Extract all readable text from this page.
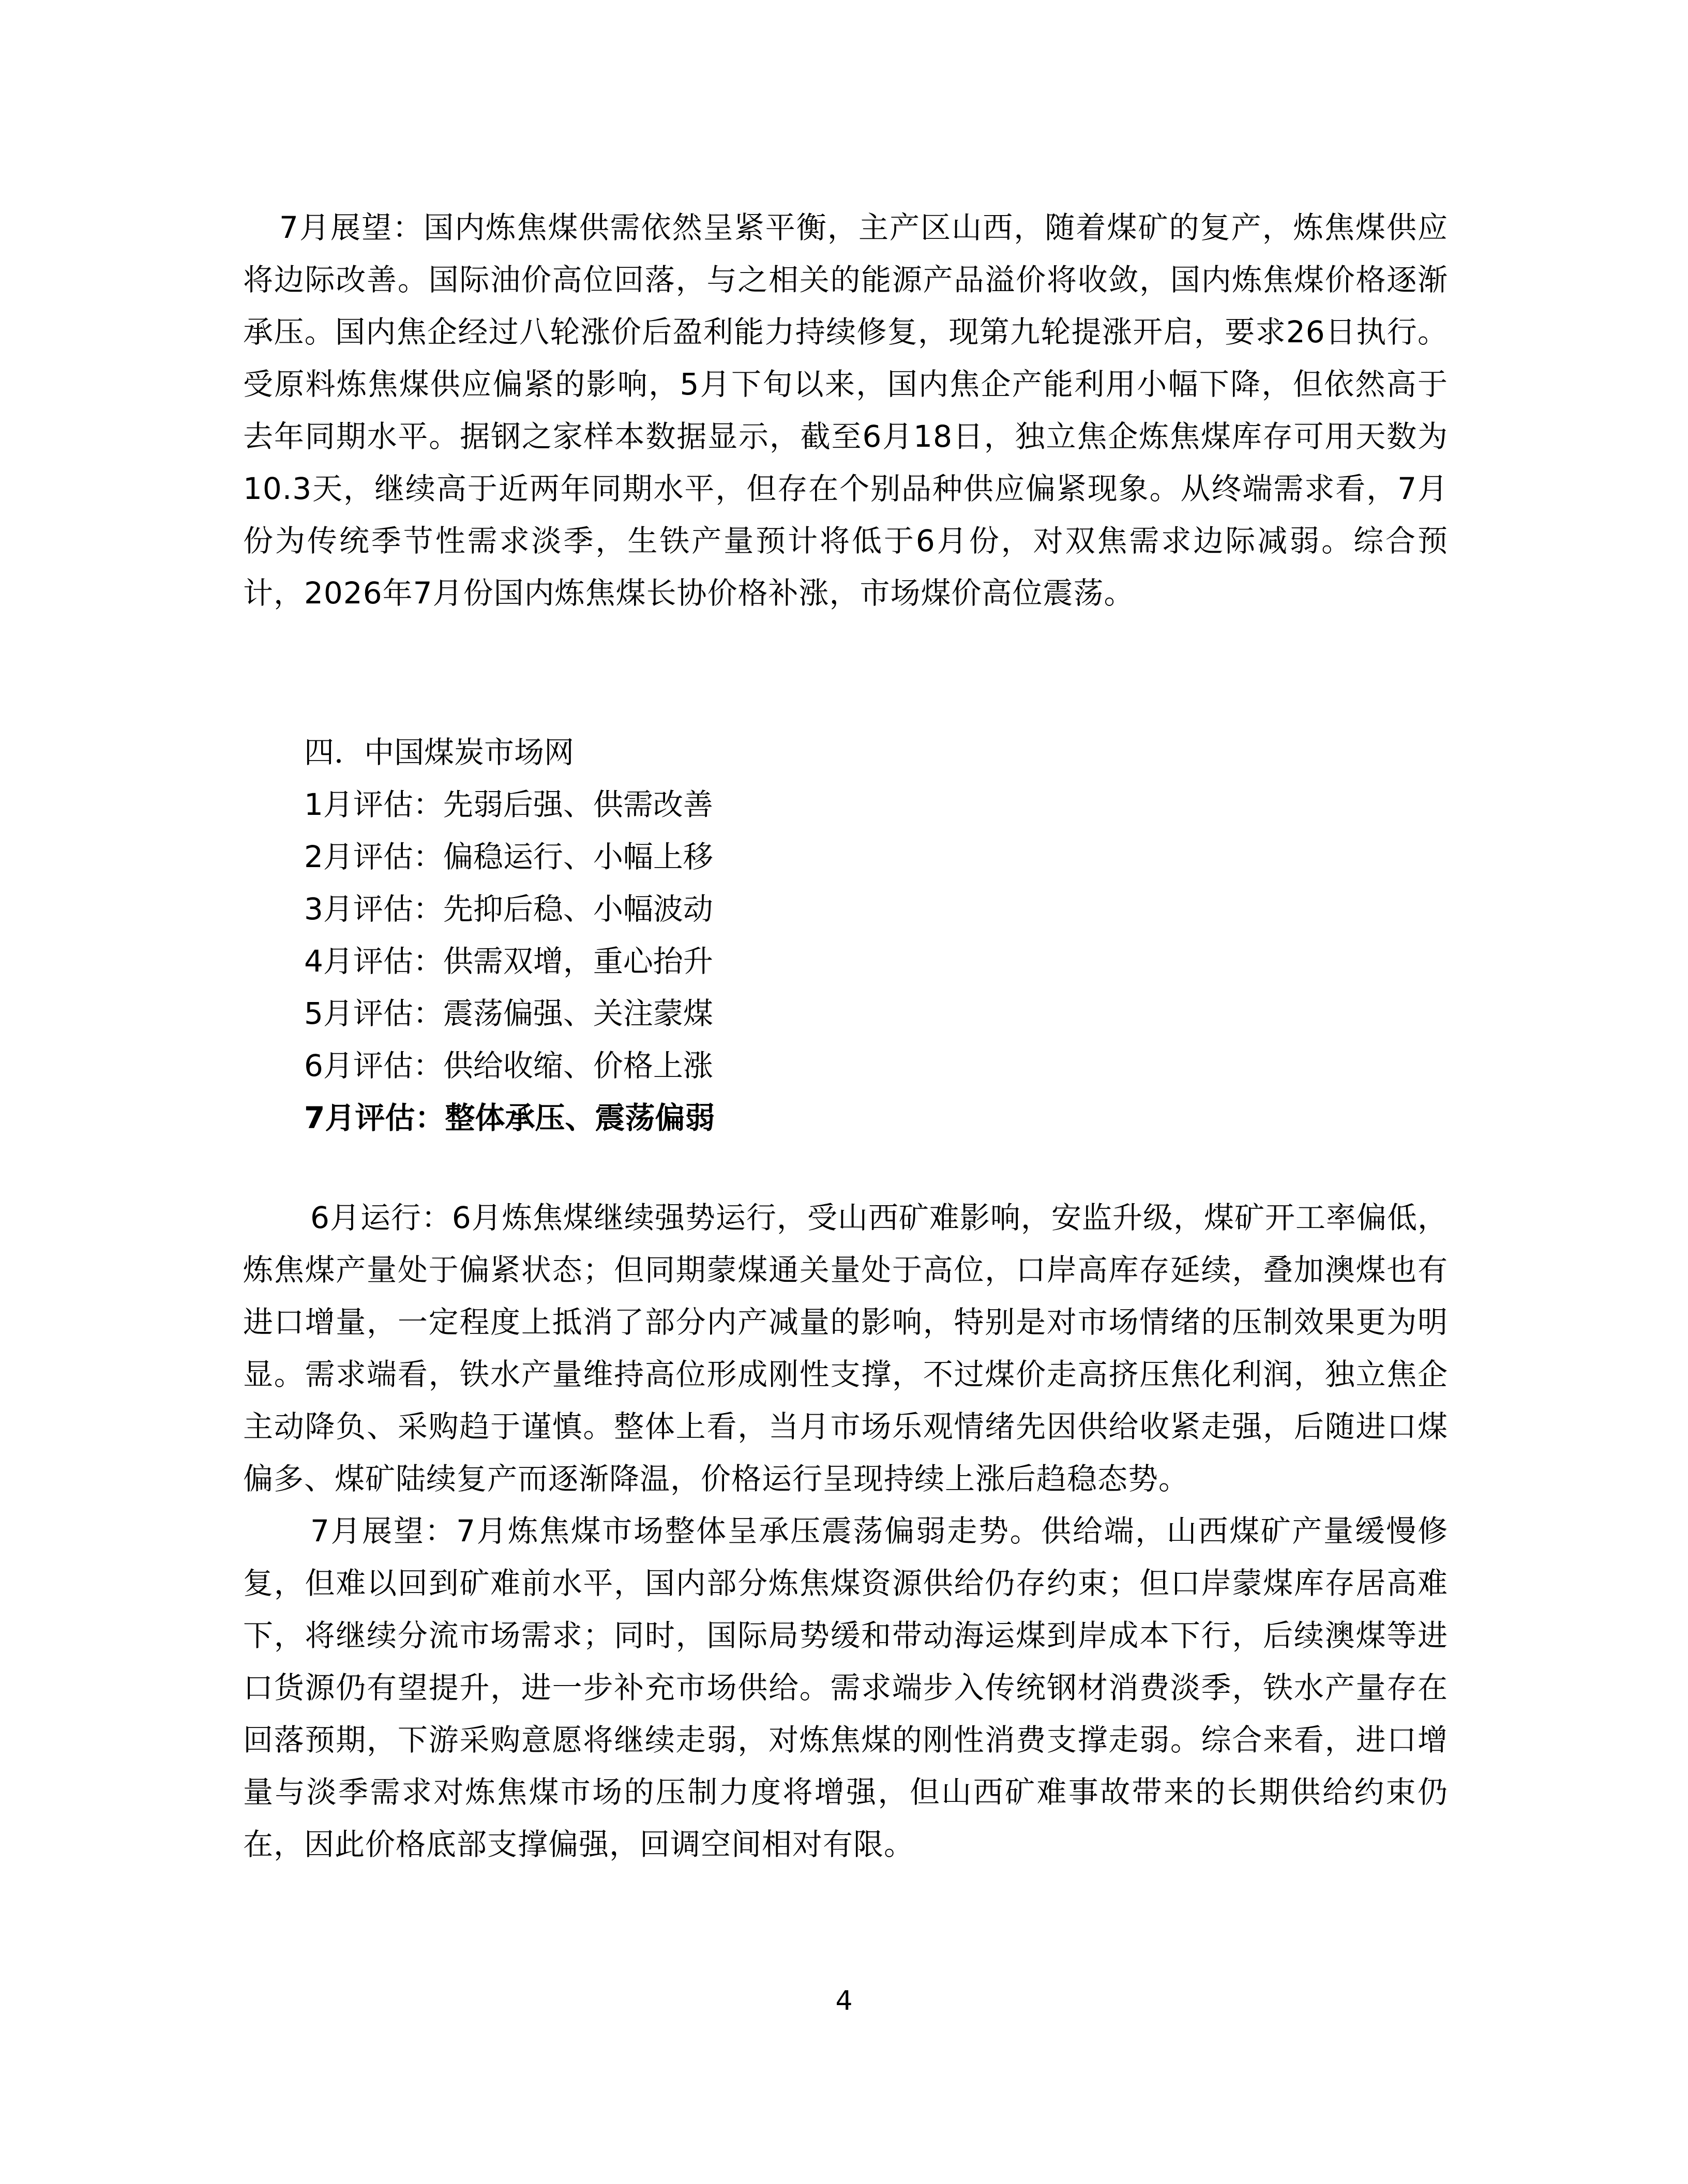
7月展望：国内炼焦煤供需依然呈紧平衡，主产区山西，随着煤矿的复产，炼焦煤供应将边际改善。国际油价高位回落，与之相关的能源产品溢价将收敛，国内炼焦煤价格逐渐承压。国内焦企经过八轮涨价后盈利能力持续修复，现第九轮提涨开启，要求26日执行。受原料炼焦煤供应偏紧的影响，5月下旬以来，国内焦企产能利用小幅下降，但依然高于去年同期水平。据钢之家样本数据显示，截至6月18日，独立焦企炼焦煤库存可用天数为10.3天，继续高于近两年同期水平，但存在个别品种供应偏紧现象。从终端需求看，7月份为传统季节性需求淡季，生铁产量预计将低于6月份，对双焦需求边际减弱。综合预计，2026年7月份国内炼焦煤长协价格补涨，市场煤价高位震荡。
四．中国煤炭市场网
1月评估：先弱后强、供需改善
2月评估：偏稳运行、小幅上移
3月评估：先抑后稳、小幅波动
4月评估：供需双增，重心抬升
5月评估：震荡偏强、关注蒙煤
6月评估：供给收缩、价格上涨
7月评估：整体承压、震荡偏弱
6月运行：6月炼焦煤继续强势运行，受山西矿难影响，安监升级，煤矿开工率偏低，炼焦煤产量处于偏紧状态；但同期蒙煤通关量处于高位，口岸高库存延续，叠加澳煤也有进口增量，一定程度上抵消了部分内产减量的影响，特别是对市场情绪的压制效果更为明显。需求端看，铁水产量维持高位形成刚性支撑，不过煤价走高挤压焦化利润，独立焦企主动降负、采购趋于谨慎。整体上看，当月市场乐观情绪先因供给收紧走强，后随进口煤偏多、煤矿陆续复产而逐渐降温，价格运行呈现持续上涨后趋稳态势。
7月展望：7月炼焦煤市场整体呈承压震荡偏弱走势。供给端，山西煤矿产量缓慢修复，但难以回到矿难前水平，国内部分炼焦煤资源供给仍存约束；但口岸蒙煤库存居高难下，将继续分流市场需求；同时，国际局势缓和带动海运煤到岸成本下行，后续澳煤等进口货源仍有望提升，进一步补充市场供给。需求端步入传统钢材消费淡季，铁水产量存在回落预期，下游采购意愿将继续走弱，对炼焦煤的刚性消费支撑走弱。综合来看，进口增量与淡季需求对炼焦煤市场的压制力度将增强，但山西矿难事故带来的长期供给约束仍在，因此价格底部支撑偏强，回调空间相对有限。
4
